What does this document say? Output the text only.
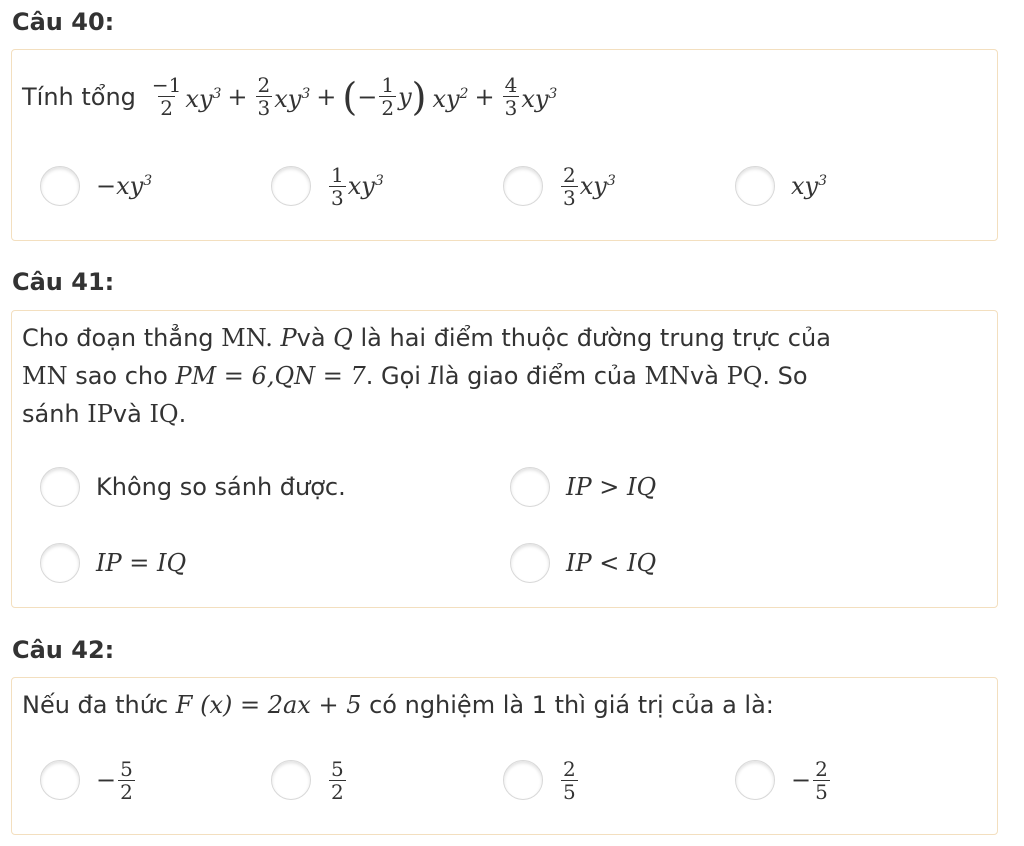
Câu 40:
Tính tổng $\frac{-1}{2} xy^3 + \frac{2}{3} xy^3$ + ( − $\frac{1}{2}$ y ) $xy^2 + \frac{4}{3} xy^3$
− $xy^3$	$\frac{1}{3} xy^3$	$\frac{2}{3} xy^3$	$xy^3$
Câu 41:
Cho đoạn thẳng MN. Pvà Q là hai điểm thuộc đường trung trực của
MN sao cho PM = 6,QN = 7. Gọi Ilà giao điểm của MNvà PQ. So
sánh IPvà IQ.
Không so sánh được.	IP > IQ
IP = IQ	IP < IQ
Câu 42:
Nếu đa thức F (x) = 2ax + 5 có nghiệm là 1 thì giá trị của a là:
− $\frac{5}{2}$	$\frac{5}{2}$	$\frac{2}{5}$	− $\frac{2}{5}$
